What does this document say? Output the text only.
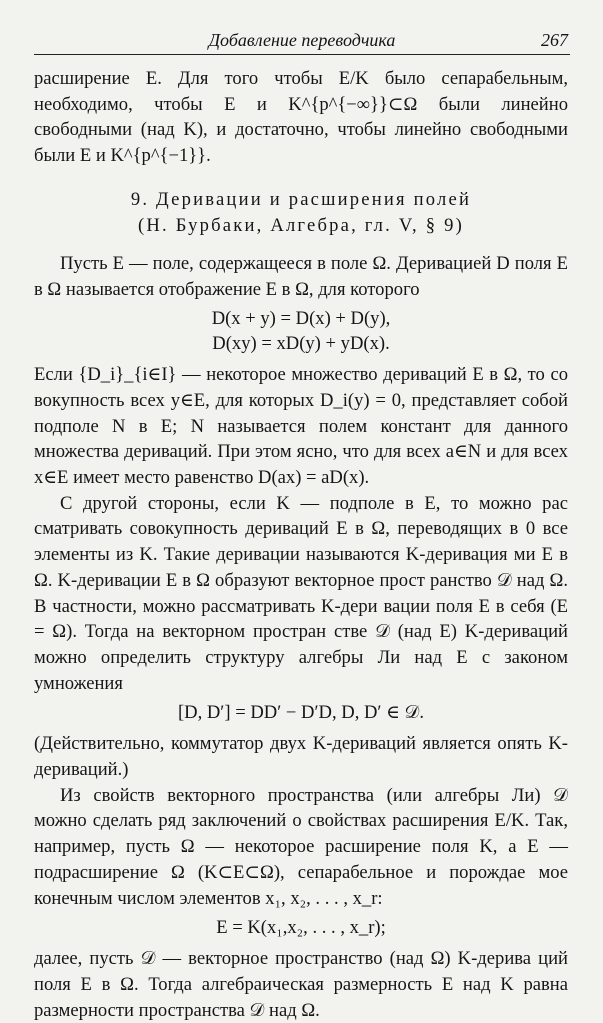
Добавление переводчика	267

расширение E. Для того чтобы E/K было сепарабельным, необходимо, чтобы E и K^{p^{−∞}}⊂Ω были линейно свободными (над K), и достаточно, чтобы линейно свободными были E и K^{p^{−1}}.

9. Деривации и расширения полей
(Н. Бурбаки, Алгебра, гл. V, § 9)

Пусть E — поле, содержащееся в поле Ω. Деривацией D поля E в Ω называется отображение E в Ω, для которого

D(x + y) = D(x) + D(y),
D(xy) = xD(y) + yD(x).

Если {D_i}_{i∈I} — некоторое множество дериваций E в Ω, то со вокупность всех y∈E, для которых D_i(y) = 0, представляет собой подполе N в E; N называется полем констант для данного множества дериваций. При этом ясно, что для всех a∈N и для всех x∈E имеет место равенство D(ax) = aD(x).

С другой стороны, если K — подполе в E, то можно рас сматривать совокупность дериваций E в Ω, переводящих в 0 все элементы из K. Такие деривации называются K-деривация ми E в Ω. K-деривации E в Ω образуют векторное прост ранство 𝒟 над Ω. В частности, можно рассматривать K-дери вации поля E в себя (E = Ω). Тогда на векторном простран стве 𝒟 (над E) K-дериваций можно определить структуру алгебры Ли над E с законом умножения

[D, D′] = DD′ − D′D, D, D′ ∈ 𝒟.

(Действительно, коммутатор двух K-дериваций является опять K-дериваций.)

Из свойств векторного пространства (или алгебры Ли) 𝒟 можно сделать ряд заключений о свойствах расширения E/K. Так, например, пусть Ω — некоторое расширение поля K, а E — подрасширение Ω (K⊂E⊂Ω), сепарабельное и порождае мое конечным числом элементов x₁, x₂, . . . , x_r:

E = K(x₁,x₂, . . . , x_r);

далее, пусть 𝒟 — векторное пространство (над Ω) K-дерива ций поля E в Ω. Тогда алгебраическая размерность E над K равна размерности пространства 𝒟 над Ω.
